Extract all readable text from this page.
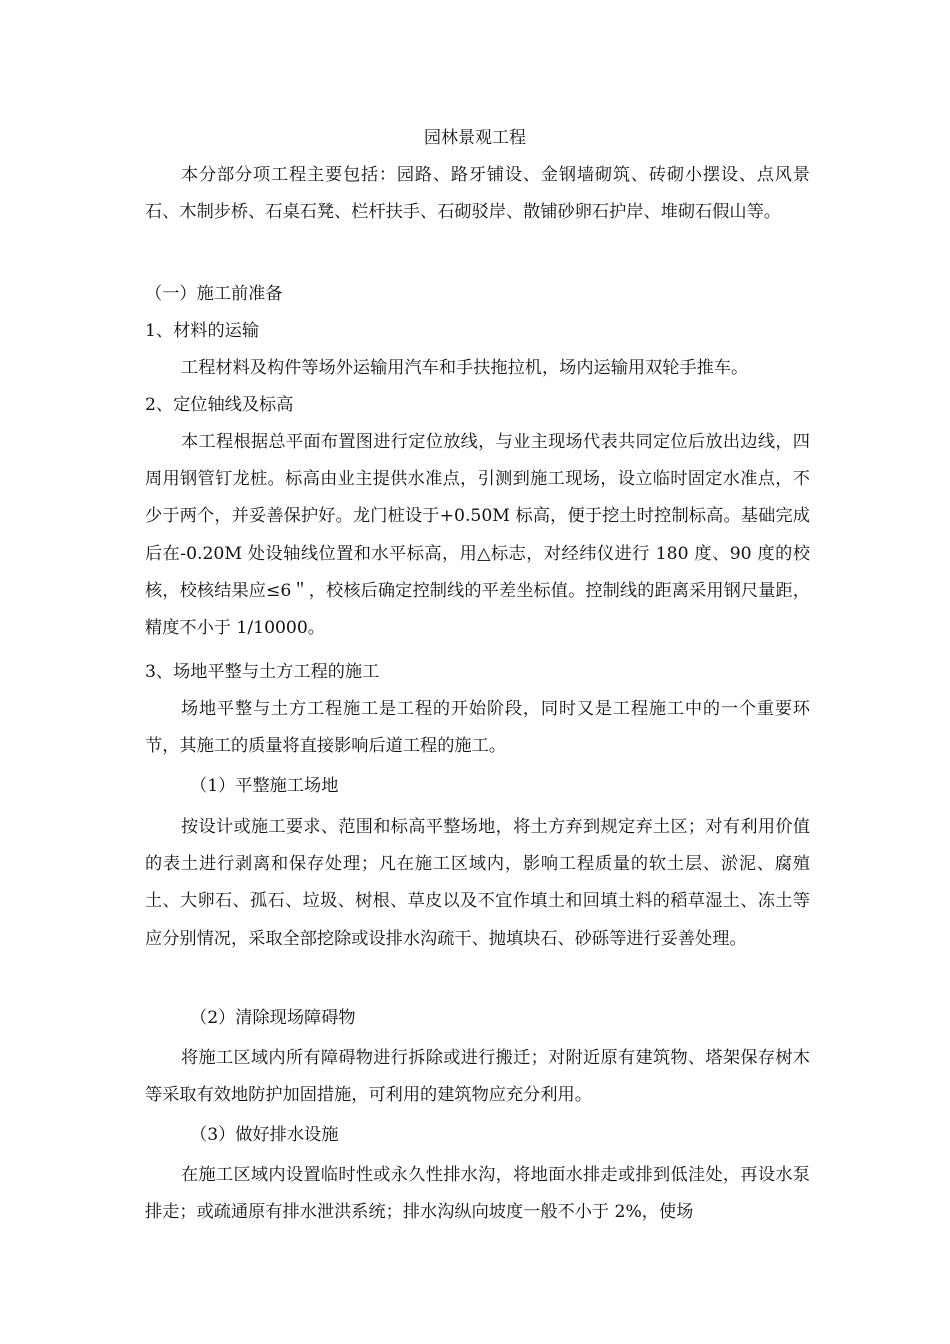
园林景观工程

本分部分项工程主要包括：园路、路牙铺设、金钢墙砌筑、砖砌小摆设、点风景石、木制步桥、石桌石凳、栏杆扶手、石砌驳岸、散铺砂卵石护岸、堆砌石假山等。

（一）施工前准备

1、材料的运输

工程材料及构件等场外运输用汽车和手扶拖拉机，场内运输用双轮手推车。

2、定位轴线及标高

本工程根据总平面布置图进行定位放线，与业主现场代表共同定位后放出边线，四周用钢管钉龙桩。标高由业主提供水准点，引测到施工现场，设立临时固定水准点，不少于两个，并妥善保护好。龙门桩设于+0.50M 标高，便于挖土时控制标高。基础完成后在-0.20M 处设轴线位置和水平标高，用△标志，对经纬仪进行 180 度、90 度的校核，校核结果应≤6＂，校核后确定控制线的平差坐标值。控制线的距离采用钢尺量距，精度不小于 1/10000。

3、场地平整与土方工程的施工

场地平整与土方工程施工是工程的开始阶段，同时又是工程施工中的一个重要环节，其施工的质量将直接影响后道工程的施工。

（1）平整施工场地

按设计或施工要求、范围和标高平整场地，将土方弃到规定弃土区；对有利用价值的表土进行剥离和保存处理；凡在施工区域内，影响工程质量的软土层、淤泥、腐殖土、大卵石、孤石、垃圾、树根、草皮以及不宜作填土和回填土料的稻草湿土、冻土等应分别情况，采取全部挖除或设排水沟疏干、抛填块石、砂砾等进行妥善处理。

（2）清除现场障碍物

将施工区域内所有障碍物进行拆除或进行搬迁；对附近原有建筑物、塔架保存树木等采取有效地防护加固措施，可利用的建筑物应充分利用。

（3）做好排水设施

在施工区域内设置临时性或永久性排水沟，将地面水排走或排到低洼处，再设水泵排走；或疏通原有排水泄洪系统；排水沟纵向坡度一般不小于 2%，使场
